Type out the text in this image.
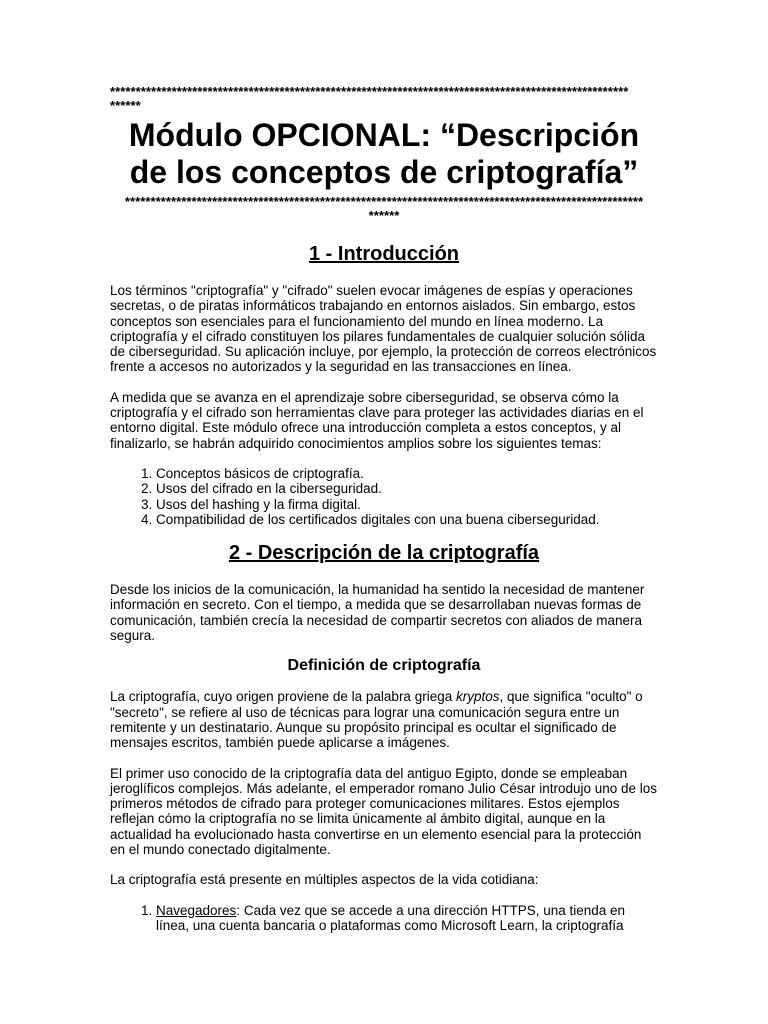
*****************************************************************************************************
******
Módulo OPCIONAL: “Descripción de los conceptos de criptografía”
*****************************************************************************************************
******
1 - Introducción

Los términos "criptografía" y "cifrado" suelen evocar imágenes de espías y operaciones secretas, o de piratas informáticos trabajando en entornos aislados. Sin embargo, estos conceptos son esenciales para el funcionamiento del mundo en línea moderno. La criptografía y el cifrado constituyen los pilares fundamentales de cualquier solución sólida de ciberseguridad. Su aplicación incluye, por ejemplo, la protección de correos electrónicos frente a accesos no autorizados y la seguridad en las transacciones en línea.

A medida que se avanza en el aprendizaje sobre ciberseguridad, se observa cómo la criptografía y el cifrado son herramientas clave para proteger las actividades diarias en el entorno digital. Este módulo ofrece una introducción completa a estos conceptos, y al finalizarlo, se habrán adquirido conocimientos amplios sobre los siguientes temas:

1. Conceptos básicos de criptografía.
2. Usos del cifrado en la ciberseguridad.
3. Usos del hashing y la firma digital.
4. Compatibilidad de los certificados digitales con una buena ciberseguridad.
2 - Descripción de la criptografía

Desde los inicios de la comunicación, la humanidad ha sentido la necesidad de mantener información en secreto. Con el tiempo, a medida que se desarrollaban nuevas formas de comunicación, también crecía la necesidad de compartir secretos con aliados de manera segura.

Definición de criptografía

La criptografía, cuyo origen proviene de la palabra griega kryptos, que significa "oculto" o "secreto", se refiere al uso de técnicas para lograr una comunicación segura entre un remitente y un destinatario. Aunque su propósito principal es ocultar el significado de mensajes escritos, también puede aplicarse a imágenes.

El primer uso conocido de la criptografía data del antiguo Egipto, donde se empleaban jeroglíficos complejos. Más adelante, el emperador romano Julio César introdujo uno de los primeros métodos de cifrado para proteger comunicaciones militares. Estos ejemplos reflejan cómo la criptografía no se limita únicamente al ámbito digital, aunque en la actualidad ha evolucionado hasta convertirse en un elemento esencial para la protección en el mundo conectado digitalmente.

La criptografía está presente en múltiples aspectos de la vida cotidiana:

1. Navegadores: Cada vez que se accede a una dirección HTTPS, una tienda en línea, una cuenta bancaria o plataformas como Microsoft Learn, la criptografía
